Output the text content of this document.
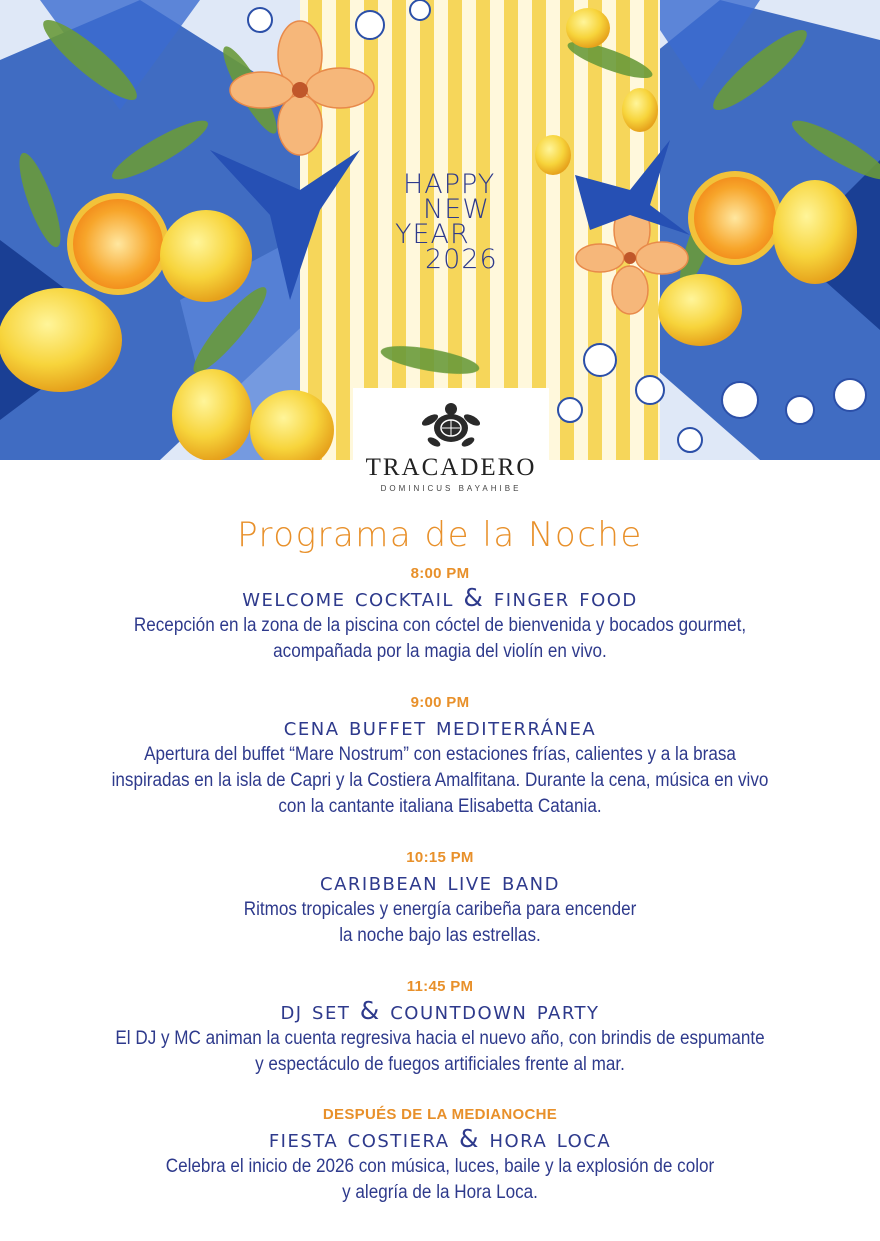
HAPPY
NEW
YEAR
2026
TRACADERO
DOMINICUS BAYAHIBE
Programa de la Noche
8:00 PM
welcome cocktail & finger food
Recepción en la zona de la piscina con cóctel de bienvenida y bocados gourmet,
acompañada por la magia del violín en vivo.
9:00 PM
cena buffet mediterránea
Apertura del buffet “Mare Nostrum” con estaciones frías, calientes y a la brasa
inspiradas en la isla de Capri y la Costiera Amalfitana. Durante la cena, música en vivo
con la cantante italiana Elisabetta Catania.
10:15 PM
caribbean live band
Ritmos tropicales y energía caribeña para encender
la noche bajo las estrellas.
11:45 PM
dj set & countdown party
El DJ y MC animan la cuenta regresiva hacia el nuevo año, con brindis de espumante
y espectáculo de fuegos artificiales frente al mar.
DESPUÉS DE LA MEDIANOCHE
fiesta costiera & hora loca
Celebra el inicio de 2026 con música, luces, baile y la explosión de color
y alegría de la Hora Loca.
